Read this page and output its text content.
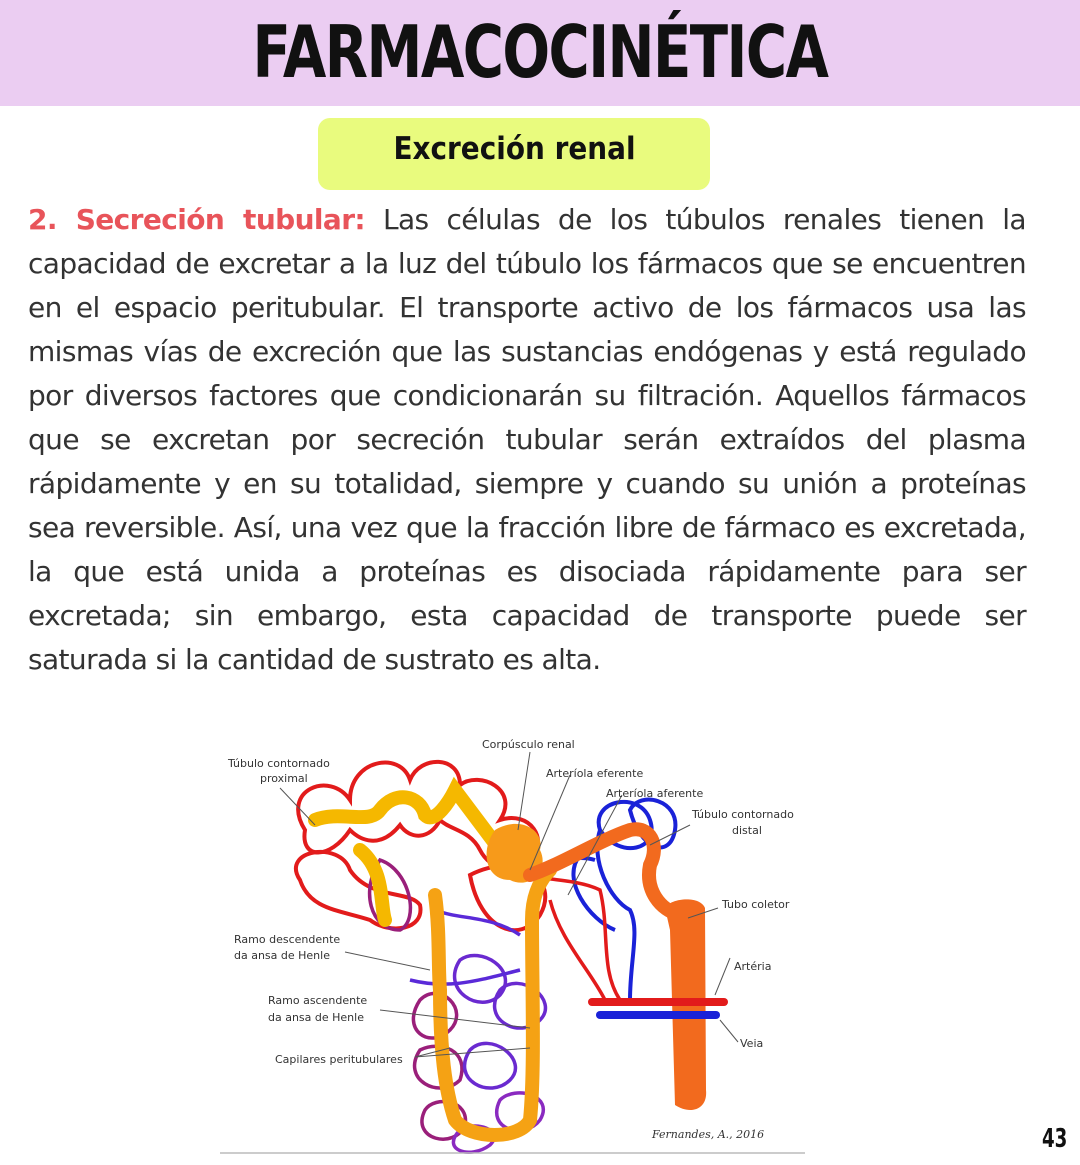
FARMACOCINÉTICA
Excreción renal
2. Secreción tubular: Las células de los túbulos renales tienen la capacidad de excretar a la luz del túbulo los fármacos que se encuentren en el espacio peritubular. El transporte activo de los fármacos usa las mismas vías de excreción que las sustancias endógenas y está regulado por diversos factores que condicionarán su filtración. Aquellos fármacos que se excretan por secreción tubular serán extraídos del plasma rápidamente y en su totalidad, siempre y cuando su unión a proteínas sea reversible. Así, una vez que la fracción libre de fármaco es excretada, la que está unida a proteínas es disociada rápidamente para ser excretada; sin embargo, esta capacidad de transporte puede ser saturada si la cantidad de sustrato es alta.
Túbulo contornado
proximal
Corpúsculo renal
Arteríola eferente
Arteríola aferente
Túbulo contornado
distal
Tubo coletor
Artéria
Veia
Ramo descendente
da ansa de Henle
Ramo ascendente
da ansa de Henle
Capilares peritubulares
Fernandes, A., 2016	43
